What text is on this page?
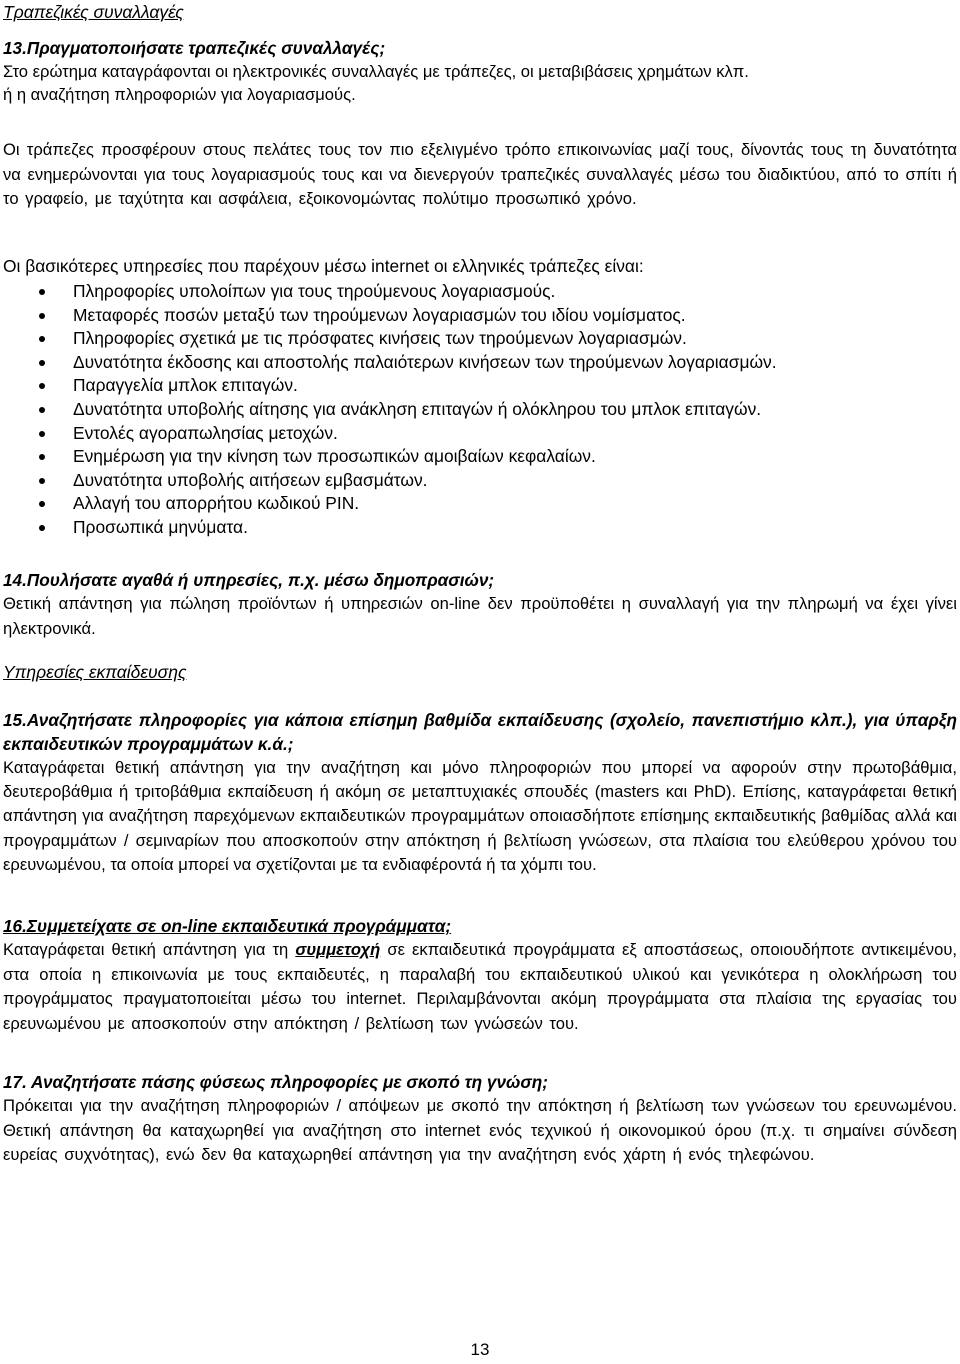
Τραπεζικές συναλλαγές
13.Πραγματοποιήσατε τραπεζικές συναλλαγές;

Στο ερώτημα καταγράφονται οι ηλεκτρονικές συναλλαγές με τράπεζες, οι μεταβιβάσεις χρημάτων κλπ.

ή η αναζήτηση πληροφοριών για λογαριασμούς.

Οι τράπεζες προσφέρουν στους πελάτες τους τον πιο εξελιγμένο τρόπο επικοινωνίας μαζί τους, δίνοντάς τους τη δυνατότητα να ενημερώνονται για τους λογαριασμούς τους και να διενεργούν τραπεζικές συναλλαγές μέσω του διαδικτύου, από το σπίτι ή το γραφείο, με ταχύτητα και ασφάλεια, εξοικονομώντας πολύτιμο προσωπικό χρόνο.

Οι βασικότερες υπηρεσίες που παρέχουν μέσω internet οι ελληνικές τράπεζες είναι:

Πληροφορίες υπολοίπων για τους τηρούμενους λογαριασμούς.
Μεταφορές ποσών μεταξύ των τηρούμενων λογαριασμών του ιδίου νομίσματος.
Πληροφορίες σχετικά με τις πρόσφατες κινήσεις των τηρούμενων λογαριασμών.
Δυνατότητα έκδοσης και αποστολής παλαιότερων κινήσεων των τηρούμενων λογαριασμών.
Παραγγελία μπλοκ επιταγών.
Δυνατότητα υποβολής αίτησης για ανάκληση επιταγών ή ολόκληρου του μπλοκ επιταγών.
Εντολές αγοραπωλησίας μετοχών.
Ενημέρωση για την κίνηση των προσωπικών αμοιβαίων κεφαλαίων.
Δυνατότητα υποβολής αιτήσεων εμβασμάτων.
Αλλαγή του απορρήτου κωδικού PIN.
Προσωπικά μηνύματα.
14.Πουλήσατε αγαθά ή υπηρεσίες, π.χ. μέσω δημοπρασιών;

Θετική απάντηση για πώληση προϊόντων ή υπηρεσιών on-line δεν προϋποθέτει η συναλλαγή για την πληρωμή να έχει γίνει ηλεκτρονικά.

Υπηρεσίες εκπαίδευσης
15.Αναζητήσατε πληροφορίες για κάποια επίσημη βαθμίδα εκπαίδευσης (σχολείο, πανεπιστήμιο κλπ.), για ύπαρξη εκπαιδευτικών προγραμμάτων κ.ά.;

Καταγράφεται θετική απάντηση για την αναζήτηση και μόνο πληροφοριών που μπορεί να αφορούν στην πρωτοβάθμια, δευτεροβάθμια ή τριτοβάθμια εκπαίδευση ή ακόμη σε μεταπτυχιακές σπουδές (masters και PhD). Επίσης, καταγράφεται θετική απάντηση για αναζήτηση παρεχόμενων εκπαιδευτικών προγραμμάτων οποιασδήποτε επίσημης εκπαιδευτικής βαθμίδας αλλά και προγραμμάτων / σεμιναρίων που αποσκοπούν στην απόκτηση ή βελτίωση γνώσεων, στα πλαίσια του ελεύθερου χρόνου του ερευνωμένου, τα οποία μπορεί να σχετίζονται με τα ενδιαφέροντά ή τα χόμπι του.

16.Συμμετείχατε σε on-line εκπαιδευτικά προγράμματα;

Καταγράφεται θετική απάντηση για τη συμμετοχή σε εκπαιδευτικά προγράμματα εξ αποστάσεως, οποιουδήποτε αντικειμένου, στα οποία η επικοινωνία με τους εκπαιδευτές, η παραλαβή του εκπαιδευτικού υλικού και γενικότερα η ολοκλήρωση του προγράμματος πραγματοποιείται μέσω του internet. Περιλαμβάνονται ακόμη προγράμματα στα πλαίσια της εργασίας του ερευνωμένου με αποσκοπούν στην απόκτηση / βελτίωση των γνώσεών του.

17. Αναζητήσατε πάσης φύσεως πληροφορίες με σκοπό τη γνώση;

Πρόκειται για την αναζήτηση πληροφοριών / απόψεων με σκοπό την απόκτηση ή βελτίωση των γνώσεων του ερευνωμένου. Θετική απάντηση θα καταχωρηθεί για αναζήτηση στο internet ενός τεχνικού ή οικονομικού όρου (π.χ. τι σημαίνει σύνδεση ευρείας συχνότητας), ενώ δεν θα καταχωρηθεί απάντηση για την αναζήτηση ενός χάρτη ή ενός τηλεφώνου.

13
